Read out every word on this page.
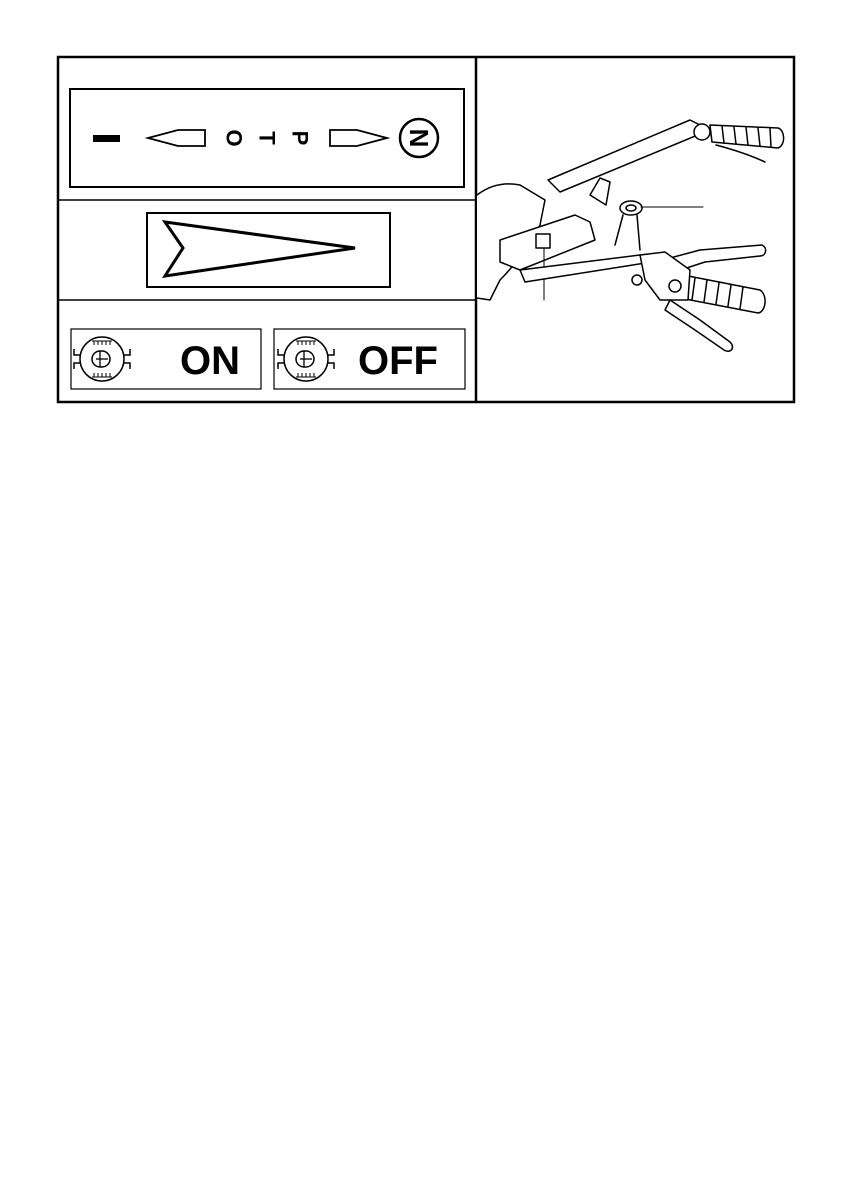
P
T
O	N
ON	OFF
